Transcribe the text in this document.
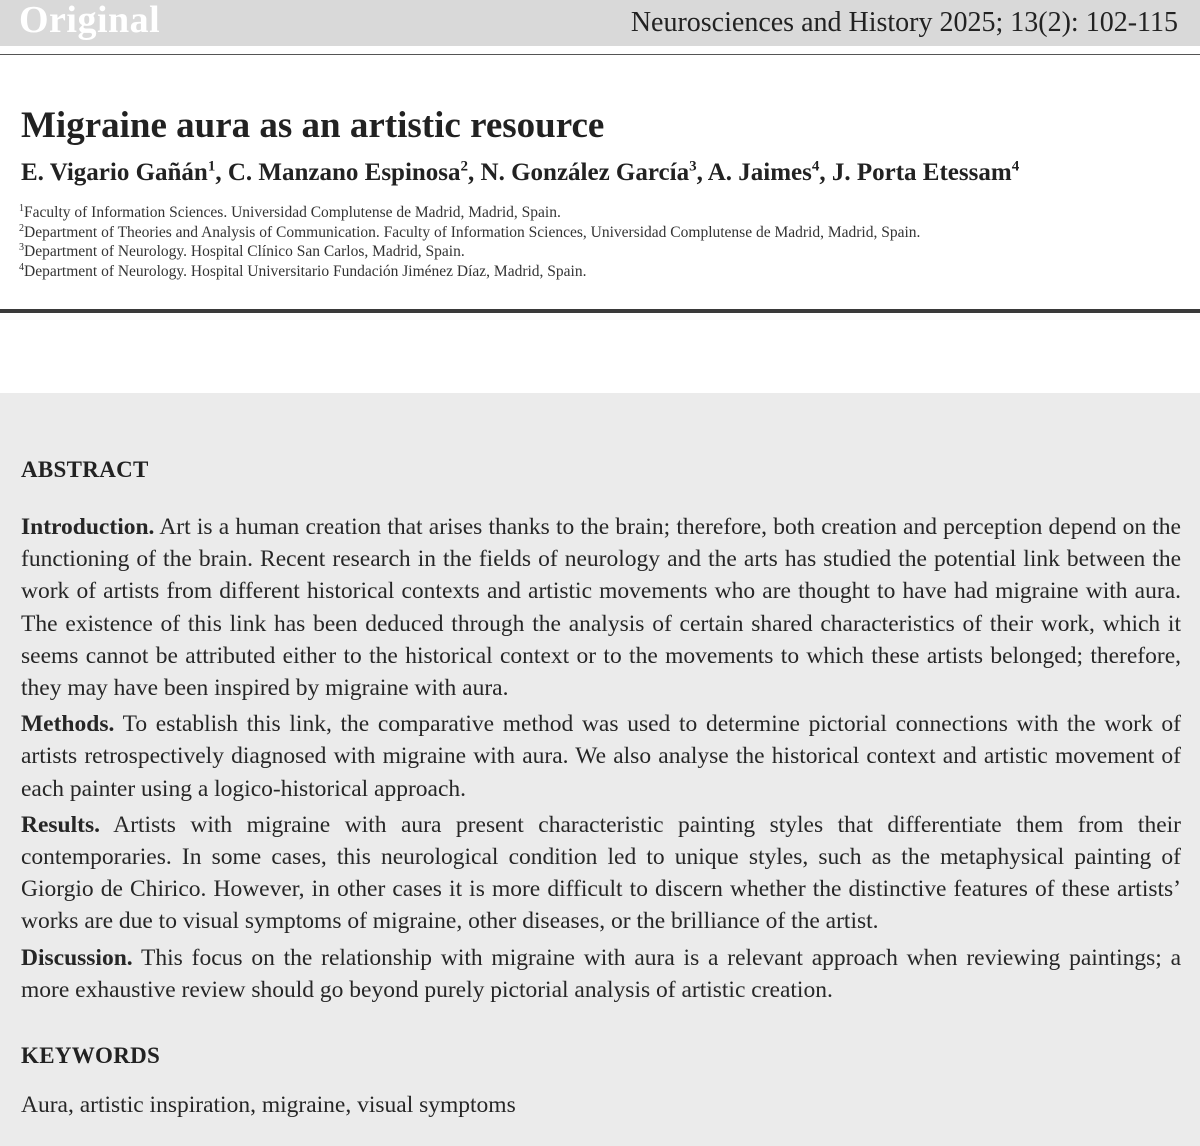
Original	Neurosciences and History 2025; 13(2): 102-115
Migraine aura as an artistic resource
E. Vigario Gañán$^1$, C. Manzano Espinosa$^2$, N. González García$^3$, A. Jaimes$^4$, J. Porta Etessam$^4$
$^1$Faculty of Information Sciences. Universidad Complutense de Madrid, Madrid, Spain.
$^2$Department of Theories and Analysis of Communication. Faculty of Information Sciences, Universidad Complutense de Madrid, Madrid, Spain.
$^3$Department of Neurology. Hospital Clínico San Carlos, Madrid, Spain.
$^4$Department of Neurology. Hospital Universitario Fundación Jiménez Díaz, Madrid, Spain.
ABSTRACT

Introduction. Art is a human creation that arises thanks to the brain; therefore, both creation and perception depend on the functioning of the brain. Recent research in the fields of neurology and the arts has studied the potential link between the work of artists from different historical contexts and artistic movements who are thought to have had migraine with aura. The existence of this link has been deduced through the analysis of certain shared characteristics of their work, which it seems cannot be attributed either to the historical context or to the movements to which these artists belonged; therefore, they may have been inspired by migraine with aura.

Methods. To establish this link, the comparative method was used to determine pictorial connections with the work of artists retrospectively diagnosed with migraine with aura. We also analyse the historical context and artistic movement of each painter using a logico-historical approach.

Results. Artists with migraine with aura present characteristic painting styles that differentiate them from their contemporaries. In some cases, this neurological condition led to unique styles, such as the metaphysical painting of Giorgio de Chirico. However, in other cases it is more difficult to discern whether the distinctive features of these artists’ works are due to visual symptoms of migraine, other diseases, or the brilliance of the artist.

Discussion. This focus on the relationship with migraine with aura is a relevant approach when reviewing paintings; a more exhaustive review should go beyond purely pictorial analysis of artistic creation.

KEYWORDS
Aura, artistic inspiration, migraine, visual symptoms
